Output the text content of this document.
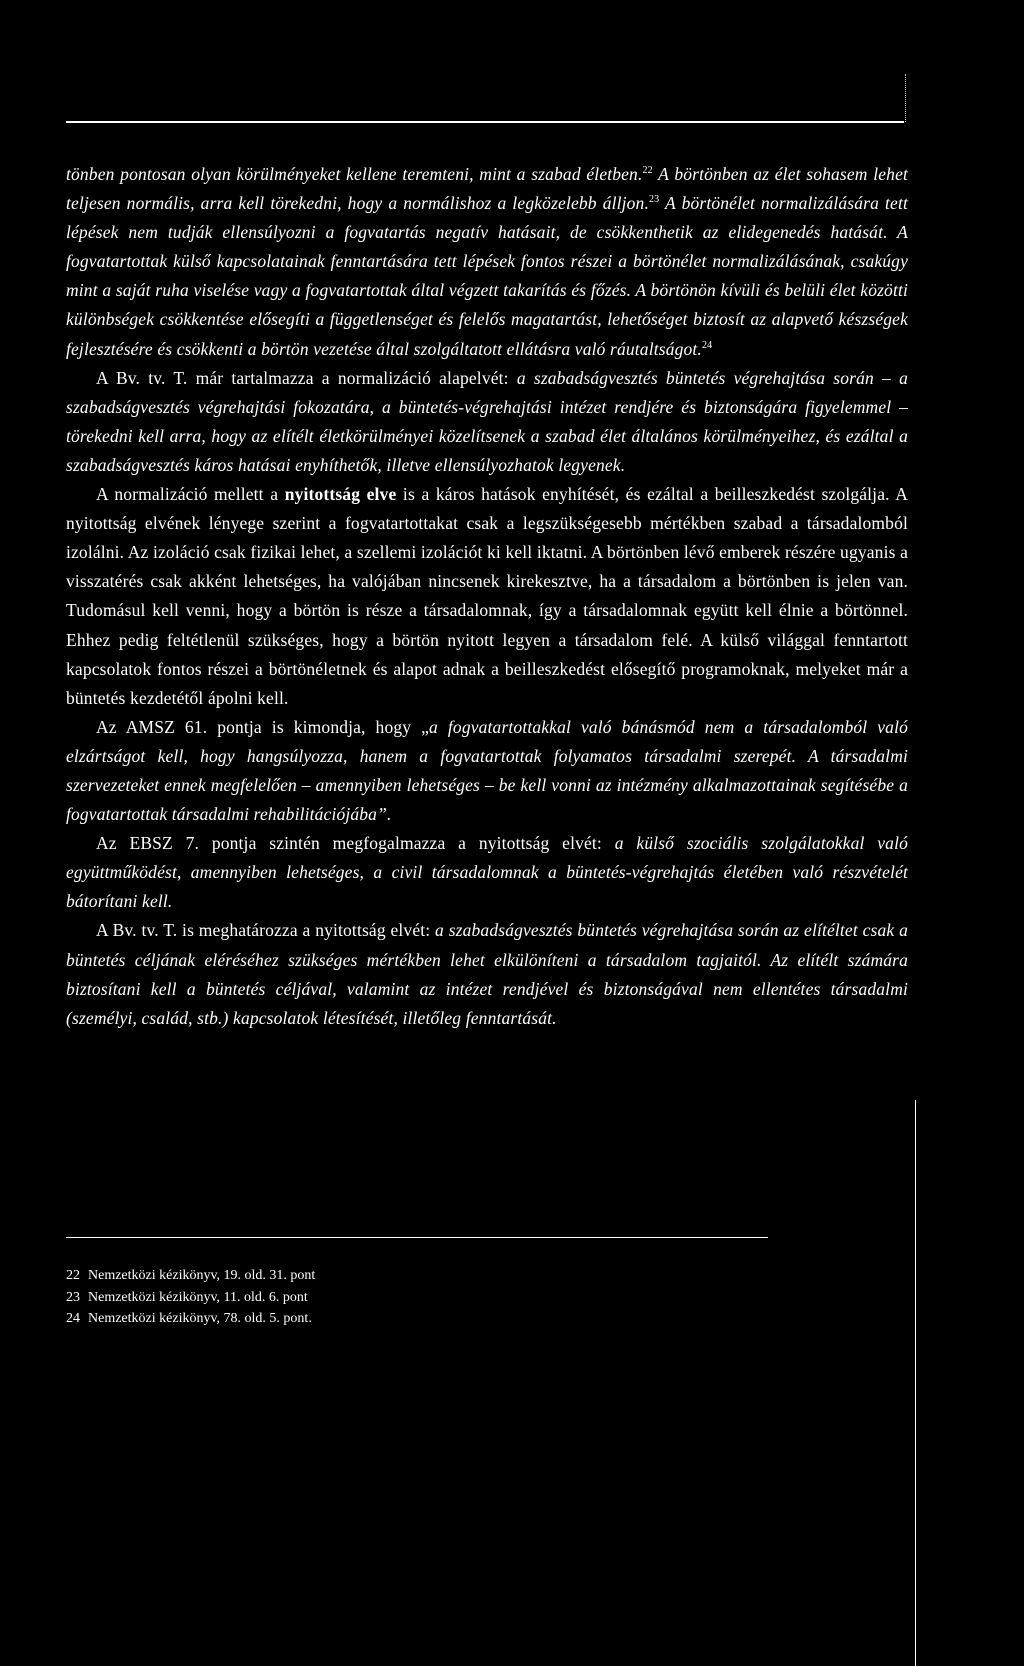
tönben pontosan olyan körülményeket kellene teremteni, mint a szabad életben.$^{22}$ A börtönben az élet sohasem lehet teljesen normális, arra kell törekedni, hogy a normálishoz a legközelebb álljon.$^{23}$ A börtönélet normalizálására tett lépések nem tudják ellensúlyozni a fogvatartás negatív hatásait, de csökkenthetik az elidegenedés hatását. A fogvatartottak külső kapcsolatainak fenntartására tett lépések fontos részei a börtönélet normalizálásának, csakúgy mint a saját ruha viselése vagy a fogvatartottak által végzett takarítás és főzés. A börtönön kívüli és belüli élet közötti különbségek csökkentése elősegíti a függetlenséget és felelős magatartást, lehetőséget biztosít az alapvető készségek fejlesztésére és csökkenti a börtön vezetése által szolgáltatott ellátásra való ráutaltságot.$^{24}$

A Bv. tv. T. már tartalmazza a normalizáció alapelvét: a szabadságvesztés büntetés végrehajtása során – a szabadságvesztés végrehajtási fokozatára, a büntetés-végrehajtási intézet rendjére és biztonságára figyelemmel – törekedni kell arra, hogy az elítélt életkörülményei közelítsenek a szabad élet általános körülményeihez, és ezáltal a szabadságvesztés káros hatásai enyhíthetők, illetve ellensúlyozhatok legyenek.

A normalizáció mellett a nyitottság elve is a káros hatások enyhítését, és ezáltal a beilleszkedést szolgálja. A nyitottság elvének lényege szerint a fogvatartottakat csak a legszükségesebb mértékben szabad a társadalomból izolálni. Az izoláció csak fizikai lehet, a szellemi izolációt ki kell iktatni. A börtönben lévő emberek részére ugyanis a visszatérés csak akként lehetséges, ha valójában nincsenek kirekesztve, ha a társadalom a börtönben is jelen van. Tudomásul kell venni, hogy a börtön is része a társadalomnak, így a társadalomnak együtt kell élnie a börtönnel. Ehhez pedig feltétlenül szükséges, hogy a börtön nyitott legyen a társadalom felé. A külső világgal fenntartott kapcsolatok fontos részei a börtönéletnek és alapot adnak a beilleszkedést elősegítő programoknak, melyeket már a büntetés kezdetétől ápolni kell.

Az AMSZ 61. pontja is kimondja, hogy „a fogvatartottakkal való bánásmód nem a társadalomból való elzártságot kell, hogy hangsúlyozza, hanem a fogvatartottak folyamatos társadalmi szerepét. A társadalmi szervezeteket ennek megfelelően – amennyiben lehetséges – be kell vonni az intézmény alkalmazottainak segítésébe a fogvatartottak társadalmi rehabilitációjába”.

Az EBSZ 7. pontja szintén megfogalmazza a nyitottság elvét: a külső szociális szolgálatokkal való együttműködést, amennyiben lehetséges, a civil társadalomnak a büntetés-végrehajtás életében való részvételét bátorítani kell.

A Bv. tv. T. is meghatározza a nyitottság elvét: a szabadságvesztés büntetés végrehajtása során az elítéltet csak a büntetés céljának eléréséhez szükséges mértékben lehet elkülöníteni a társadalom tagjaitól. Az elítélt számára biztosítani kell a büntetés céljával, valamint az intézet rendjével és biztonságával nem ellentétes társadalmi (személyi, család, stb.) kapcsolatok létesítését, illetőleg fenntartását.

22 Nemzetközi kézikönyv, 19. old. 31. pont
23 Nemzetközi kézikönyv, 11. old. 6. pont
24 Nemzetközi kézikönyv, 78. old. 5. pont.
